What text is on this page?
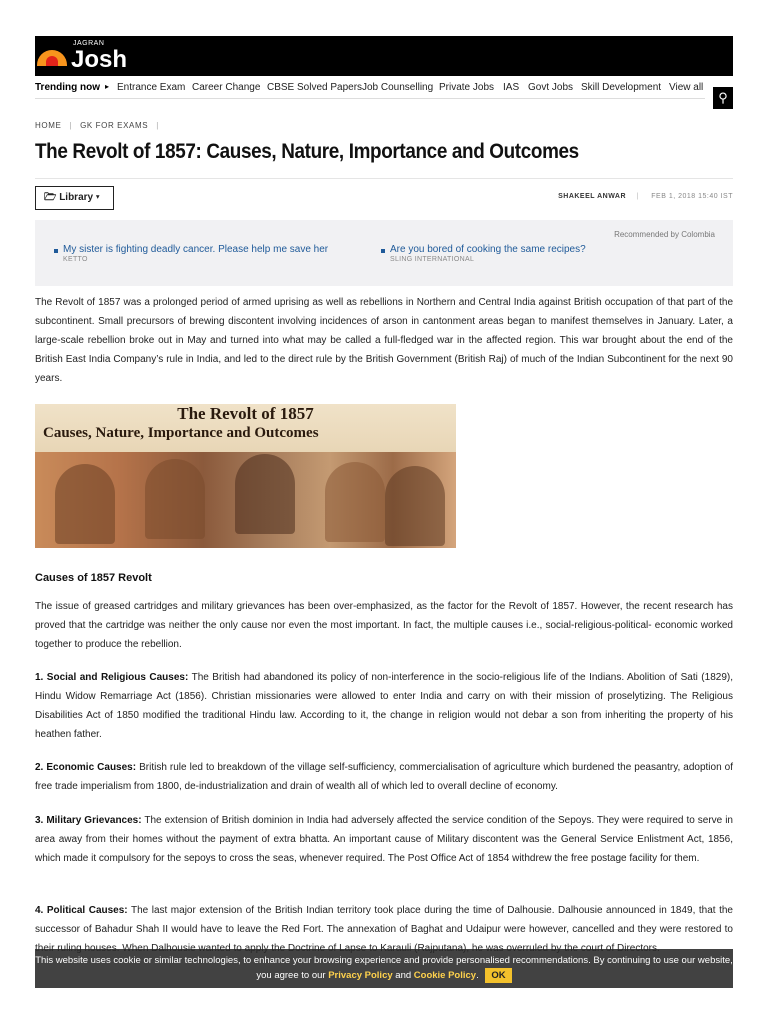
JAGRAN
Josh
Trending now ▸ Entrance Exam Career Change CBSE Solved Papers Job Counselling Private Jobs IAS Govt Jobs Skill Development View all
⚲
HOME | GK FOR EXAMS |
The Revolt of 1857: Causes, Nature, Importance and Outcomes
🗁 Library ▾	SHAKEEL ANWAR | FEB 1, 2018 15:40 IST
Recommended by Colombia
My sister is fighting deadly cancer. Please help me save her
KETTO
Are you bored of cooking the same recipes?
SLING INTERNATIONAL

The Revolt of 1857 was a prolonged period of armed uprising as well as rebellions in Northern and Central India against British occupation of that part of the subcontinent. Small precursors of brewing discontent involving incidences of arson in cantonment areas began to manifest themselves in January. Later, a large-scale rebellion broke out in May and turned into what may be called a full-fledged war in the affected region. This war brought about the end of the British East India Company’s rule in India, and led to the direct rule by the British Government (British Raj) of much of the Indian Subcontinent for the next 90 years.

The Revolt of 1857
Causes, Nature, Importance and Outcomes
Causes of 1857 Revolt

The issue of greased cartridges and military grievances has been over-emphasized, as the factor for the Revolt of 1857. However, the recent research has proved that the cartridge was neither the only cause nor even the most important. In fact, the multiple causes i.e., social-religious-political- economic worked together to produce the rebellion.

1. Social and Religious Causes: The British had abandoned its policy of non-interference in the socio-religious life of the Indians. Abolition of Sati (1829), Hindu Widow Remarriage Act (1856). Christian missionaries were allowed to enter India and carry on with their mission of proselytizing. The Religious Disabilities Act of 1850 modified the traditional Hindu law. According to it, the change in religion would not debar a son from inheriting the property of his heathen father.

2. Economic Causes: British rule led to breakdown of the village self-sufficiency, commercialisation of agriculture which burdened the peasantry, adoption of free trade imperialism from 1800, de-industrialization and drain of wealth all of which led to overall decline of economy.

3. Military Grievances: The extension of British dominion in India had adversely affected the service condition of the Sepoys. They were required to serve in area away from their homes without the payment of extra bhatta. An important cause of Military discontent was the General Service Enlistment Act, 1856, which made it compulsory for the sepoys to cross the seas, whenever required. The Post Office Act of 1854 withdrew the free postage facility for them.

4. Political Causes: The last major extension of the British Indian territory took place during the time of Dalhousie. Dalhousie announced in 1849, that the successor of Bahadur Shah II would have to leave the Red Fort. The annexation of Baghat and Udaipur were however, cancelled and they were restored to

This website uses cookie or similar technologies, to enhance your browsing experience and provide personalised recommendations. By continuing to use our website, you agree to our Privacy Policy and Cookie Policy. OK
